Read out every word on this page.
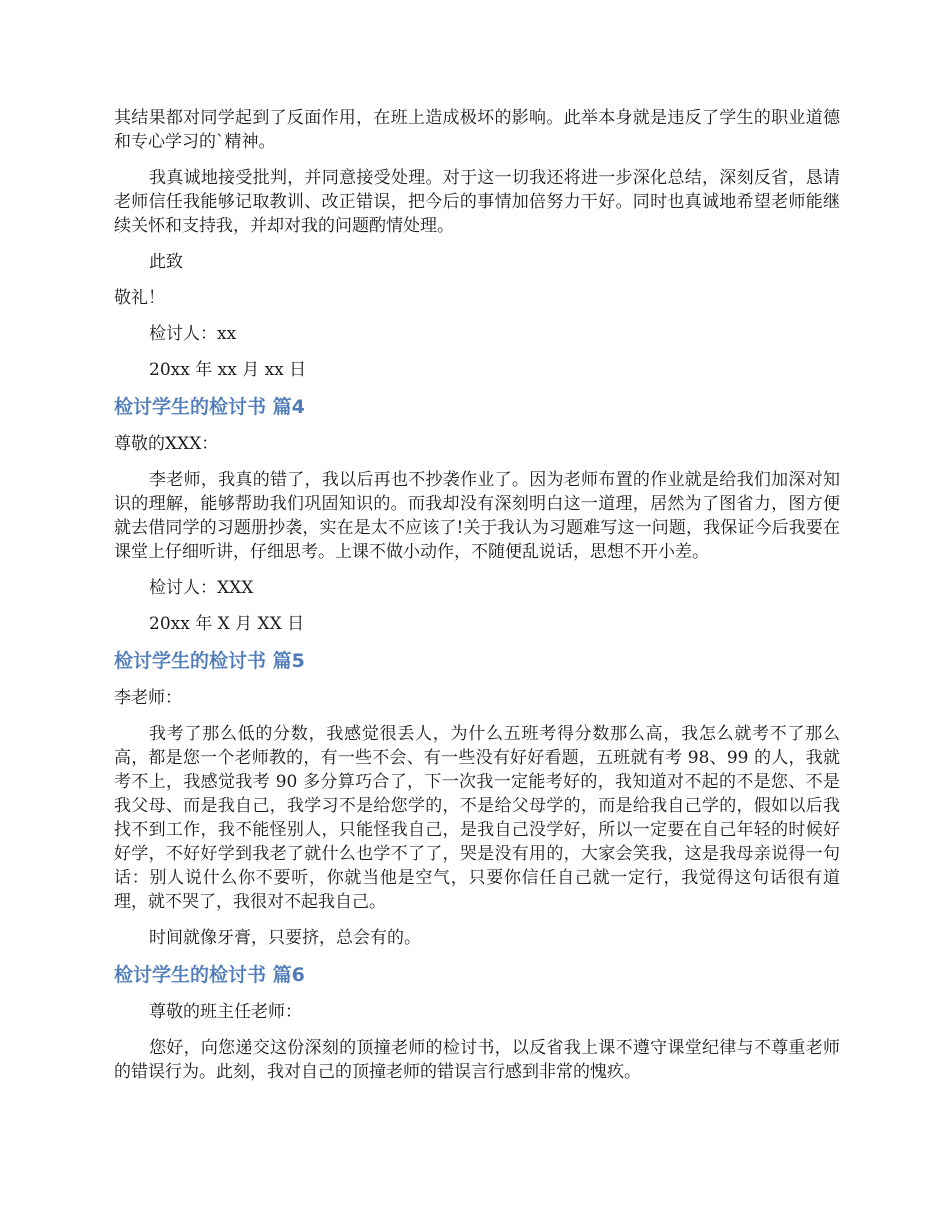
其结果都对同学起到了反面作用，在班上造成极坏的影响。此举本身就是违反了学生的职业道德和专心学习的`精神。

我真诚地接受批判，并同意接受处理。对于这一切我还将进一步深化总结，深刻反省，恳请老师信任我能够记取教训、改正错误，把今后的事情加倍努力干好。同时也真诚地希望老师能继续关怀和支持我，并却对我的问题酌情处理。

此致

敬礼！

检讨人：xx

20xx 年 xx 月 xx 日

检讨学生的检讨书 篇4

尊敬的XXX：

李老师，我真的错了，我以后再也不抄袭作业了。因为老师布置的作业就是给我们加深对知识的理解，能够帮助我们巩固知识的。而我却没有深刻明白这一道理，居然为了图省力，图方便就去借同学的习题册抄袭，实在是太不应该了!关于我认为习题难写这一问题，我保证今后我要在课堂上仔细听讲，仔细思考。上课不做小动作，不随便乱说话，思想不开小差。

检讨人：XXX

20xx 年 X 月 XX 日

检讨学生的检讨书 篇5

李老师：

我考了那么低的分数，我感觉很丢人，为什么五班考得分数那么高，我怎么就考不了那么高，都是您一个老师教的，有一些不会、有一些没有好好看题，五班就有考 98、99 的人，我就考不上，我感觉我考 90 多分算巧合了，下一次我一定能考好的，我知道对不起的不是您、不是我父母、而是我自己，我学习不是给您学的，不是给父母学的，而是给我自己学的，假如以后我找不到工作，我不能怪别人，只能怪我自己，是我自己没学好，所以一定要在自己年轻的时候好好学，不好好学到我老了就什么也学不了了，哭是没有用的，大家会笑我，这是我母亲说得一句话：别人说什么你不要听，你就当他是空气，只要你信任自己就一定行，我觉得这句话很有道理，就不哭了，我很对不起我自己。

时间就像牙膏，只要挤，总会有的。

检讨学生的检讨书 篇6

尊敬的班主任老师：

您好，向您递交这份深刻的顶撞老师的检讨书，以反省我上课不遵守课堂纪律与不尊重老师的错误行为。此刻，我对自己的顶撞老师的错误言行感到非常的愧疚。
